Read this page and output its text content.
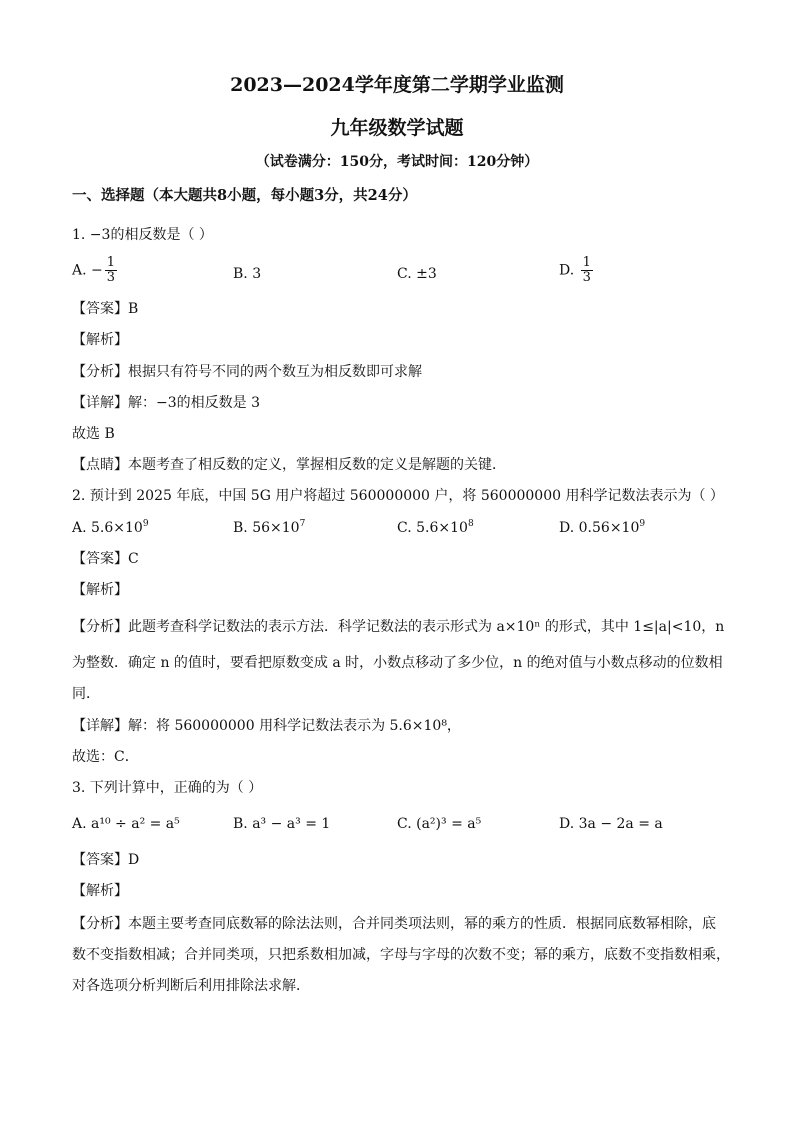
2023—2024学年度第二学期学业监测
九年级数学试题
（试卷满分：150分，考试时间：120分钟）
一、选择题（本大题共8小题，每小题3分，共24分）
1. −3的相反数是（ ）
A. − $\frac{1}{3}$	B. 3	C. ±3	D. $\frac{1}{3}$
【答案】B
【解析】
【分析】根据只有符号不同的两个数互为相反数即可求解
【详解】解：−3的相反数是 3
故选 B
【点睛】本题考查了相反数的定义，掌握相反数的定义是解题的关键．
2. 预计到 2025 年底，中国 5G 用户将超过 560000000 户，将 560000000 用科学记数法表示为（ ）
A. $5.6\times 10^9$	B. $56\times 10^7$	C. $5.6\times 10^8$	D. $0.56\times 10^9$
【答案】C
【解析】
【分析】此题考查科学记数法的表示方法．科学记数法的表示形式为 a×10ⁿ 的形式，其中 1≤|a|<10，n
为整数．确定 n 的值时，要看把原数变成 a 时，小数点移动了多少位，n 的绝对值与小数点移动的位数相
同．
【详解】解：将 560000000 用科学记数法表示为 5.6×10⁸，
故选：C．
3. 下列计算中，正确的为（ ）
A. a¹⁰ ÷ a² = a⁵	B. a³ − a³ = 1	C. (a²)³ = a⁵	D. 3a − 2a = a
【答案】D
【解析】
【分析】本题主要考查同底数幂的除法法则，合并同类项法则，幂的乘方的性质．根据同底数幂相除，底
数不变指数相减；合并同类项，只把系数相加减，字母与字母的次数不变；幂的乘方，底数不变指数相乘，
对各选项分析判断后利用排除法求解．
